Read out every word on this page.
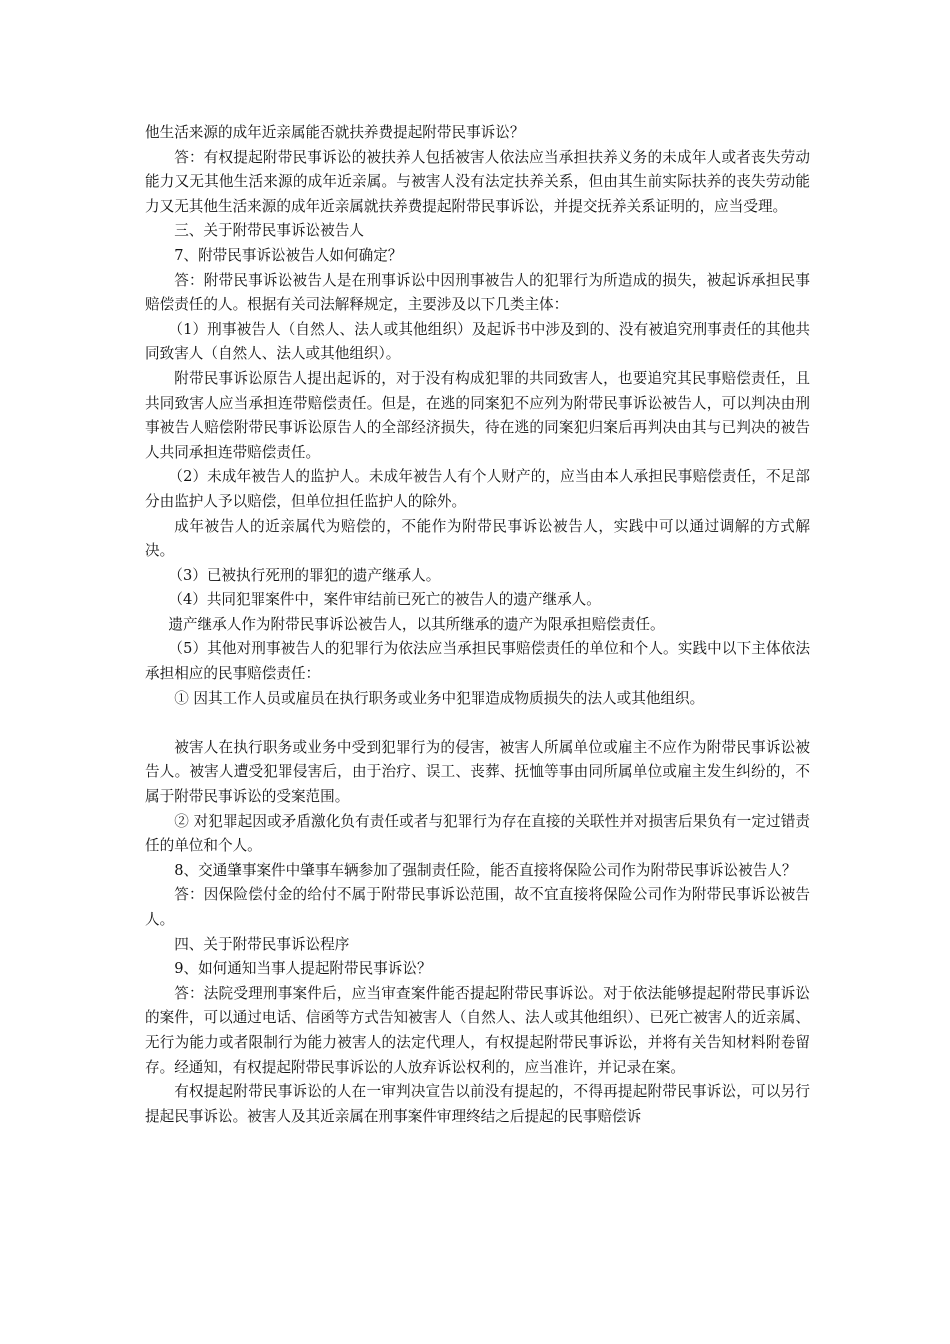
他生活来源的成年近亲属能否就扶养费提起附带民事诉讼？

答：有权提起附带民事诉讼的被扶养人包括被害人依法应当承担扶养义务的未成年人或者丧失劳动能力又无其他生活来源的成年近亲属。与被害人没有法定扶养关系，但由其生前实际扶养的丧失劳动能力又无其他生活来源的成年近亲属就扶养费提起附带民事诉讼，并提交抚养关系证明的，应当受理。

三、关于附带民事诉讼被告人

7、附带民事诉讼被告人如何确定？

答：附带民事诉讼被告人是在刑事诉讼中因刑事被告人的犯罪行为所造成的损失，被起诉承担民事赔偿责任的人。根据有关司法解释规定，主要涉及以下几类主体：

（1）刑事被告人（自然人、法人或其他组织）及起诉书中涉及到的、没有被追究刑事责任的其他共同致害人（自然人、法人或其他组织）。

附带民事诉讼原告人提出起诉的，对于没有构成犯罪的共同致害人，也要追究其民事赔偿责任，且共同致害人应当承担连带赔偿责任。但是，在逃的同案犯不应列为附带民事诉讼被告人，可以判决由刑事被告人赔偿附带民事诉讼原告人的全部经济损失，待在逃的同案犯归案后再判决由其与已判决的被告人共同承担连带赔偿责任。

（2）未成年被告人的监护人。未成年被告人有个人财产的，应当由本人承担民事赔偿责任，不足部分由监护人予以赔偿，但单位担任监护人的除外。

成年被告人的近亲属代为赔偿的，不能作为附带民事诉讼被告人，实践中可以通过调解的方式解决。

（3）已被执行死刑的罪犯的遗产继承人。

（4）共同犯罪案件中，案件审结前已死亡的被告人的遗产继承人。

遗产继承人作为附带民事诉讼被告人，以其所继承的遗产为限承担赔偿责任。

（5）其他对刑事被告人的犯罪行为依法应当承担民事赔偿责任的单位和个人。实践中以下主体依法承担相应的民事赔偿责任：

① 因其工作人员或雇员在执行职务或业务中犯罪造成物质损失的法人或其他组织。

被害人在执行职务或业务中受到犯罪行为的侵害，被害人所属单位或雇主不应作为附带民事诉讼被告人。被害人遭受犯罪侵害后，由于治疗、误工、丧葬、抚恤等事由同所属单位或雇主发生纠纷的，不属于附带民事诉讼的受案范围。

② 对犯罪起因或矛盾激化负有责任或者与犯罪行为存在直接的关联性并对损害后果负有一定过错责任的单位和个人。

8、交通肇事案件中肇事车辆参加了强制责任险，能否直接将保险公司作为附带民事诉讼被告人？

答：因保险偿付金的给付不属于附带民事诉讼范围，故不宜直接将保险公司作为附带民事诉讼被告人。

四、关于附带民事诉讼程序

9、如何通知当事人提起附带民事诉讼？

答：法院受理刑事案件后，应当审查案件能否提起附带民事诉讼。对于依法能够提起附带民事诉讼的案件，可以通过电话、信函等方式告知被害人（自然人、法人或其他组织）、已死亡被害人的近亲属、无行为能力或者限制行为能力被害人的法定代理人，有权提起附带民事诉讼，并将有关告知材料附卷留存。经通知，有权提起附带民事诉讼的人放弃诉讼权利的，应当准许，并记录在案。

有权提起附带民事诉讼的人在一审判决宣告以前没有提起的，不得再提起附带民事诉讼，可以另行提起民事诉讼。被害人及其近亲属在刑事案件审理终结之后提起的民事赔偿诉
